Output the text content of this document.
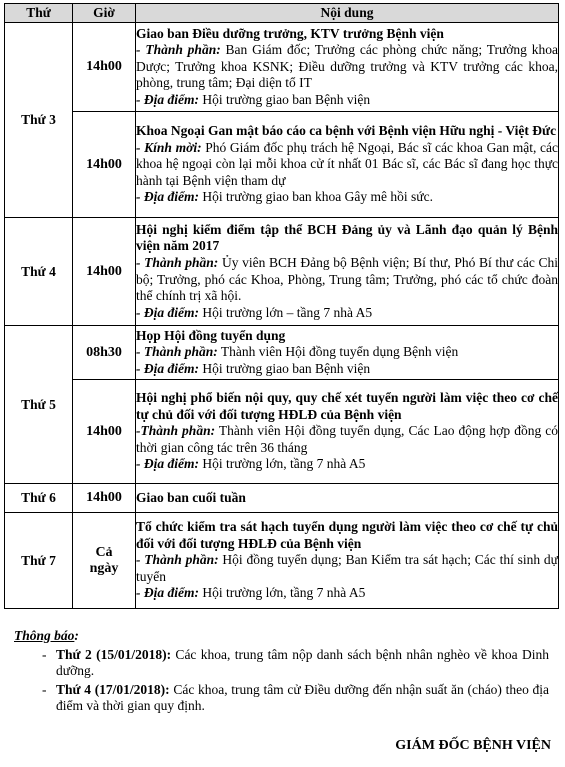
Thứ	Giờ	Nội dung
Thứ 3	14h00	Giao ban Điều dưỡng trưởng, KTV trưởng Bệnh viện
- Thành phần: Ban Giám đốc; Trưởng các phòng chức năng; Trưởng khoa Dược; Trưởng khoa KSNK; Điều dưỡng trưởng và KTV trưởng các khoa, phòng, trung tâm; Đại diện tổ IT
- Địa điểm: Hội trường giao ban Bệnh viện

	14h00	Khoa Ngoại Gan mật báo cáo ca bệnh với Bệnh viện Hữu nghị - Việt Đức
- Kính mời: Phó Giám đốc phụ trách hệ Ngoại, Bác sĩ các khoa Gan mật, các khoa hệ ngoại còn lại mỗi khoa cử ít nhất 01 Bác sĩ, các Bác sĩ đang học thực hành tại Bệnh viện tham dự
- Địa điểm: Hội trường giao ban khoa Gây mê hồi sức.

Thứ 4	14h00	Hội nghị kiểm điểm tập thể BCH Đảng ủy và Lãnh đạo quản lý Bệnh viện năm 2017
- Thành phần: Ủy viên BCH Đảng bộ Bệnh viện; Bí thư, Phó Bí thư các Chi bộ; Trưởng, phó các Khoa, Phòng, Trung tâm; Trưởng, phó các tổ chức đoàn thể chính trị xã hội.
- Địa điểm: Hội trường lớn – tầng 7 nhà A5

Thứ 5	08h30	Họp Hội đồng tuyển dụng
- Thành phần: Thành viên Hội đồng tuyển dụng Bệnh viện
- Địa điểm: Hội trường giao ban Bệnh viện

	14h00	Hội nghị phổ biến nội quy, quy chế xét tuyển người làm việc theo cơ chế tự chủ đối với đối tượng HĐLĐ của Bệnh viện
-Thành phần: Thành viên Hội đồng tuyển dụng, Các Lao động hợp đồng có thời gian công tác trên 36 tháng
- Địa điểm: Hội trường lớn, tầng 7 nhà A5

Thứ 6	14h00	Giao ban cuối tuần

Thứ 7	Cả ngày	Tổ chức kiểm tra sát hạch tuyển dụng người làm việc theo cơ chế tự chủ đối với đối tượng HĐLĐ của Bệnh viện
- Thành phần: Hội đồng tuyển dụng; Ban Kiểm tra sát hạch; Các thí sinh dự tuyển
- Địa điểm: Hội trường lớn, tầng 7 nhà A5
Thông báo:
- Thứ 2 (15/01/2018): Các khoa, trung tâm nộp danh sách bệnh nhân nghèo về khoa Dinh dưỡng.
- Thứ 4 (17/01/2018): Các khoa, trung tâm cử Điều dưỡng đến nhận suất ăn (cháo) theo địa điểm và thời gian quy định.
GIÁM ĐỐC BỆNH VIỆN
